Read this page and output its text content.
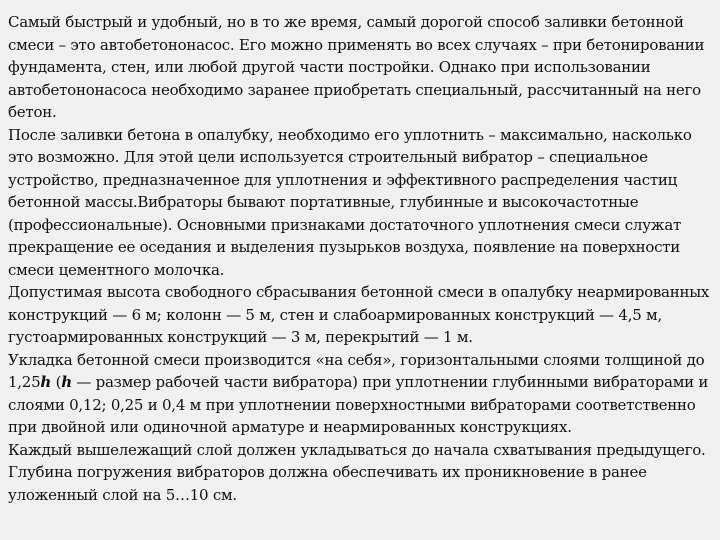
Самый быстрый и удобный, но в то же время, самый дорогой способ заливки бетонной смеси – это автобетононасос. Его можно применять во всех случаях – при бетонировании фундамента, стен, или любой другой части постройки. Однако при использовании автобетононасоса необходимо заранее приобретать специальный, рассчитанный на него бетон.

После заливки бетона в опалубку, необходимо его уплотнить – максимально, насколько это возможно. Для этой цели используется строительный вибратор – специальное устройство, предназначенное для уплотнения и эффективного распределения частиц бетонной массы.Вибраторы бывают портативные, глубинные и высокочастотные (профессиональные). Основными признаками достаточного уплотнения смеси служат прекращение ее оседания и выделения пузырьков воздуха, появление на поверхности смеси цементного молочка.

Допустимая высота свободного сбрасывания бетонной смеси в опалубку неармированных конструкций — 6 м; колонн — 5 м, стен и слабоармированных конструкций — 4,5 м, густоармированных конструкций — 3 м, перекрытий — 1 м.

Укладка бетонной смеси производится «на себя», горизонтальными слоями толщиной до 1,25h (h — размер рабочей части вибратора) при уплотнении глубинными вибраторами и слоями 0,12; 0,25 и 0,4 м при уплотнении поверхностными вибраторами соответственно при двойной или одиночной арматуре и неармированных конструкциях.

Каждый вышележащий слой должен укладываться до начала схватывания предыдущего.

Глубина погружения вибраторов должна обеспечивать их проникновение в ранее уложенный слой на 5…10 см.
